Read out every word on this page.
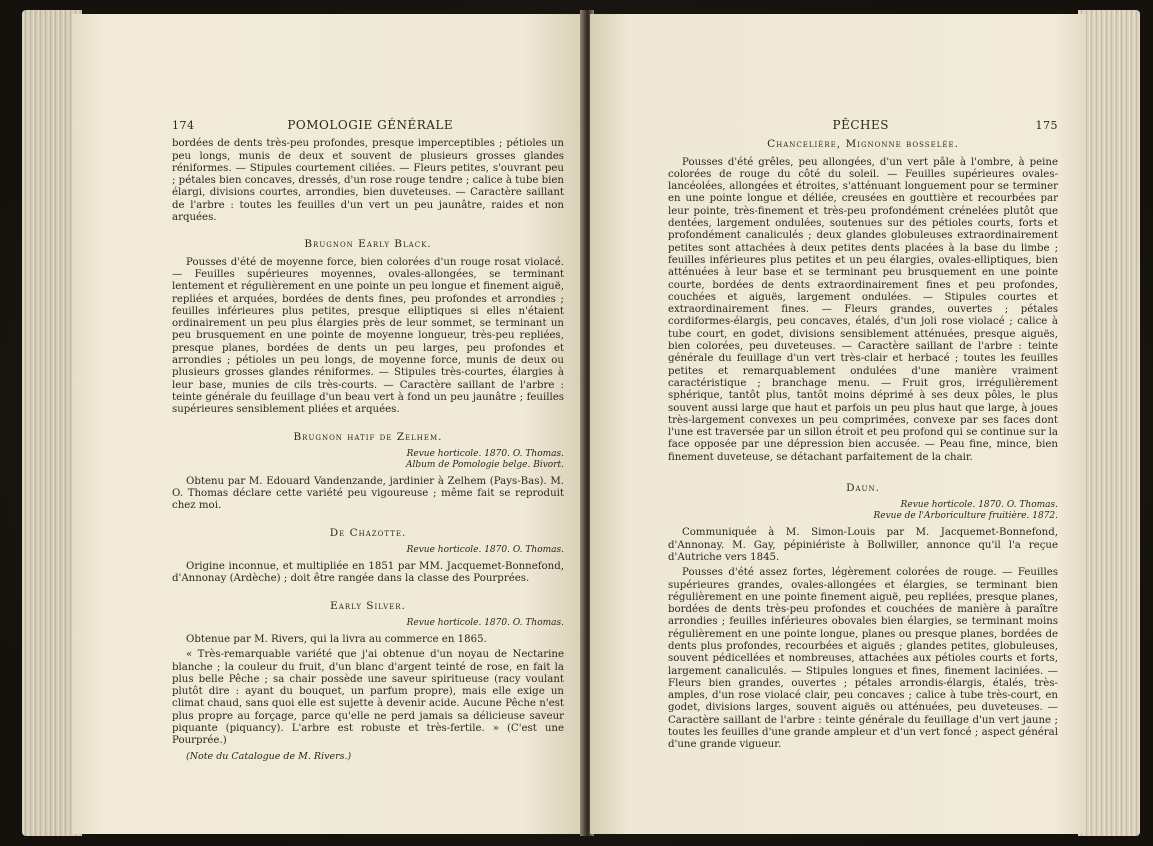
174	POMOLOGIE GÉNÉRALE

bordées de dents très-peu profondes, presque imperceptibles ; pétioles un peu longs, munis de deux et souvent de plusieurs grosses glandes réniformes. — Stipules courtement ciliées. — Fleurs petites, s'ouvrant peu ; pétales bien concaves, dressés, d'un rose rouge tendre ; calice à tube bien élargi, divisions courtes, arrondies, bien duveteuses. — Caractère saillant de l'arbre : toutes les feuilles d'un vert un peu jaunâtre, raides et non arquées.

Brugnon Early Black.

Pousses d'été de moyenne force, bien colorées d'un rouge rosat violacé. — Feuilles supérieures moyennes, ovales-allongées, se terminant lentement et régulièrement en une pointe un peu longue et finement aiguë, repliées et arquées, bordées de dents fines, peu profondes et arrondies ; feuilles inférieures plus petites, presque elliptiques si elles n'étaient ordinairement un peu plus élargies près de leur sommet, se terminant un peu brusquement en une pointe de moyenne longueur, très-peu repliées, presque planes, bordées de dents un peu larges, peu profondes et arrondies ; pétioles un peu longs, de moyenne force, munis de deux ou plusieurs grosses glandes réniformes. — Stipules très-courtes, élargies à leur base, munies de cils très-courts. — Caractère saillant de l'arbre : teinte générale du feuillage d'un beau vert à fond un peu jaunâtre ; feuilles supérieures sensiblement pliées et arquées.

Brugnon hatif de Zelhem.
Revue horticole. 1870. O. Thomas.
Album de Pomologie belge. Bivort.

Obtenu par M. Edouard Vandenzande, jardinier à Zelhem (Pays-Bas). M. O. Thomas déclare cette variété peu vigoureuse ; même fait se reproduit chez moi.

De Chazotte.
Revue horticole. 1870. O. Thomas.

Origine inconnue, et multipliée en 1851 par MM. Jacquemet-Bonnefond, d'Annonay (Ardèche) ; doit être rangée dans la classe des Pourprées.

Early Silver.
Revue horticole. 1870. O. Thomas.

Obtenue par M. Rivers, qui la livra au commerce en 1865.

« Très-remarquable variété que j'ai obtenue d'un noyau de Nectarine blanche ; la couleur du fruit, d'un blanc d'argent teinté de rose, en fait la plus belle Pêche ; sa chair possède une saveur spiritueuse (racy voulant plutôt dire : ayant du bouquet, un parfum propre), mais elle exige un climat chaud, sans quoi elle est sujette à devenir acide. Aucune Pêche n'est plus propre au forçage, parce qu'elle ne perd jamais sa délicieuse saveur piquante (piquancy). L'arbre est robuste et très-fertile. » (C'est une Pourprée.)

(Note du Catalogue de M. Rivers.)

PÊCHES	175
Chancelière, Mignonne bosselée.

Pousses d'été grêles, peu allongées, d'un vert pâle à l'ombre, à peine colorées de rouge du côté du soleil. — Feuilles supérieures ovales-lancéolées, allongées et étroites, s'atténuant longuement pour se terminer en une pointe longue et déliée, creusées en gouttière et recourbées par leur pointe, très-finement et très-peu profondément crénelées plutôt que dentées, largement ondulées, soutenues sur des pétioles courts, forts et profondément canaliculés ; deux glandes globuleuses extraordinairement petites sont attachées à deux petites dents placées à la base du limbe ; feuilles inférieures plus petites et un peu élargies, ovales-elliptiques, bien atténuées à leur base et se terminant peu brusquement en une pointe courte, bordées de dents extraordinairement fines et peu profondes, couchées et aiguës, largement ondulées. — Stipules courtes et extraordinairement fines. — Fleurs grandes, ouvertes ; pétales cordiformes-élargis, peu concaves, étalés, d'un joli rose violacé ; calice à tube court, en godet, divisions sensiblement atténuées, presque aiguës, bien colorées, peu duveteuses. — Caractère saillant de l'arbre : teinte générale du feuillage d'un vert très-clair et herbacé ; toutes les feuilles petites et remarquablement ondulées d'une manière vraiment caractéristique ; branchage menu. — Fruit gros, irrégulièrement sphérique, tantôt plus, tantôt moins déprimé à ses deux pôles, le plus souvent aussi large que haut et parfois un peu plus haut que large, à joues très-largement convexes un peu comprimées, convexe par ses faces dont l'une est traversée par un sillon étroit et peu profond qui se continue sur la face opposée par une dépression bien accusée. — Peau fine, mince, bien finement duveteuse, se détachant parfaitement de la chair.

Daun.
Revue horticole. 1870. O. Thomas.
Revue de l'Arboriculture fruitière. 1872.

Communiquée à M. Simon-Louis par M. Jacquemet-Bonnefond, d'Annonay. M. Gay, pépiniériste à Bollwiller, annonce qu'il l'a reçue d'Autriche vers 1845.

Pousses d'été assez fortes, légèrement colorées de rouge. — Feuilles supérieures grandes, ovales-allongées et élargies, se terminant bien régulièrement en une pointe finement aiguë, peu repliées, presque planes, bordées de dents très-peu profondes et couchées de manière à paraître arrondies ; feuilles inférieures obovales bien élargies, se terminant moins régulièrement en une pointe longue, planes ou presque planes, bordées de dents plus profondes, recourbées et aiguës ; glandes petites, globuleuses, souvent pédicellées et nombreuses, attachées aux pétioles courts et forts, largement canaliculés. — Stipules longues et fines, finement laciniées. — Fleurs bien grandes, ouvertes ; pétales arrondis-élargis, étalés, très-amples, d'un rose violacé clair, peu concaves ; calice à tube très-court, en godet, divisions larges, souvent aiguës ou atténuées, peu duveteuses. — Caractère saillant de l'arbre : teinte générale du feuillage d'un vert jaune ; toutes les feuilles d'une grande ampleur et d'un vert foncé ; aspect général d'une grande vigueur.
